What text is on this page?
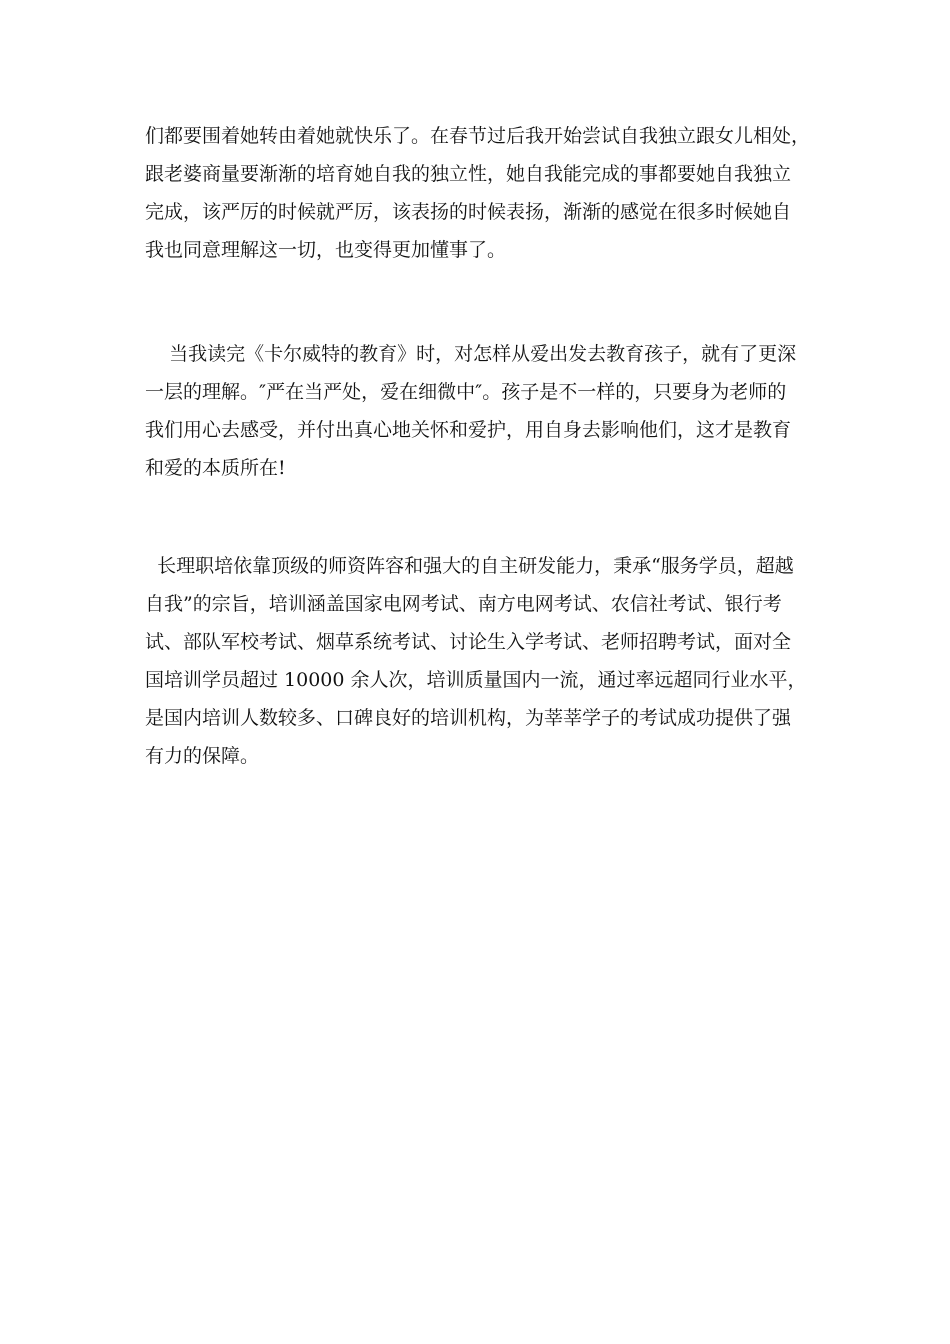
们都要围着她转由着她就快乐了。在春节过后我开始尝试自我独立跟女儿相处，
跟老婆商量要渐渐的培育她自我的独立性，她自我能完成的事都要她自我独立
完成，该严厉的时候就严厉，该表扬的时候表扬，渐渐的感觉在很多时候她自
我也同意理解这一切，也变得更加懂事了。
当我读完《卡尔威特的教育》时，对怎样从爱出发去教育孩子，就有了更深
一层的理解。″严在当严处，爱在细微中″。孩子是不一样的，只要身为老师的
我们用心去感受，并付出真心地关怀和爱护，用自身去影响他们，这才是教育
和爱的本质所在!
长理职培依靠顶级的师资阵容和强大的自主研发能力，秉承“服务学员，超越
自我”的宗旨，培训涵盖国家电网考试、南方电网考试、农信社考试、银行考
试、部队军校考试、烟草系统考试、讨论生入学考试、老师招聘考试，面对全
国培训学员超过 10000 余人次，培训质量国内一流，通过率远超同行业水平，
是国内培训人数较多、口碑良好的培训机构，为莘莘学子的考试成功提供了强
有力的保障。
